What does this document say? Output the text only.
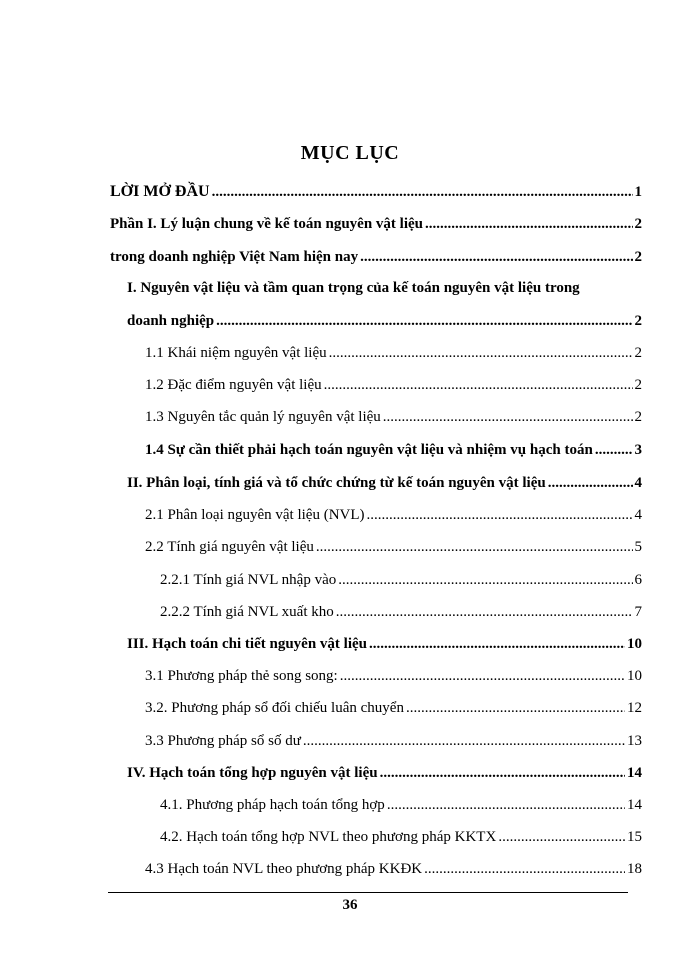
MỤC LỤC
LỜI MỞ ĐẦU .....	1
Phần I. Lý luận chung về kế toán nguyên vật liệu .....	2
trong doanh nghiệp Việt Nam hiện nay .....	2
I. Nguyên vật liệu và tầm quan trọng của kế toán nguyên vật liệu trong
doanh nghiệp .....	2
1.1 Khái niệm nguyên vật liệu .....	2
1.2 Đặc điểm nguyên vật liệu .....	2
1.3 Nguyên tắc quản lý nguyên vật liệu .....	2
1.4 Sự cần thiết phải hạch toán nguyên vật liệu và nhiệm vụ hạch toán .....	3
II. Phân loại, tính giá và tổ chức chứng từ kế toán nguyên vật liệu .....	4
2.1 Phân loại nguyên vật liệu (NVL) .....	4
2.2 Tính giá nguyên vật liệu .....	5
2.2.1 Tính giá NVL nhập vào .....	6
2.2.2 Tính giá NVL xuất kho .....	7
III. Hạch toán chi tiết nguyên vật liệu .....	10
3.1 Phương pháp thẻ song song: .....	10
3.2. Phương pháp sổ đối chiếu luân chuyển .....	12
3.3 Phương pháp sổ số dư .....	13
IV. Hạch toán tổng hợp nguyên vật liệu .....	14
4.1. Phương pháp hạch toán tổng hợp .....	14
4.2. Hạch toán tổng hợp NVL theo phương pháp KKTX .....	15
4.3 Hạch toán NVL theo phương pháp KKĐK .....	18
36
